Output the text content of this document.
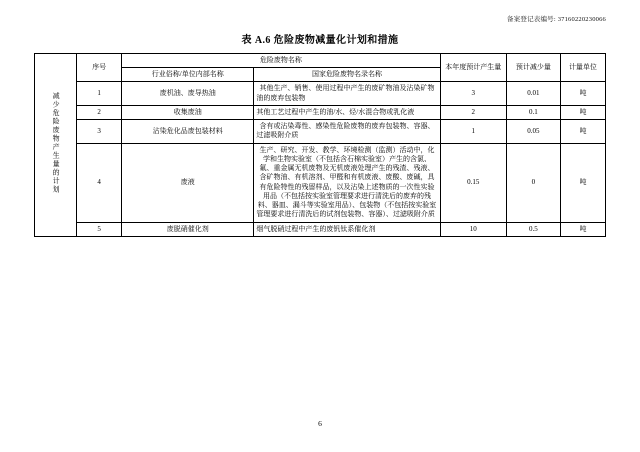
备案登记表编号: 37160220230066
表 A.6 危险废物减量化计划和措施
减少危险废物产生量的计划	序号	危险废物名称		本年度预计产生量	预计减少量	计量单位
		行业俗称/单位内部名称	国家危险废物名录名称			
	1	废机油、废导热油	其他生产、销售、使用过程中产生的废矿物油及沾染矿物油的废弃包装物	3	0.01	吨
	2	收集废油	其他工艺过程中产生的油/水、烃/水混合物或乳化液	2	0.1	吨
	3	沾染危化品废包装材料	含有或沾染毒性、感染性危险废物的废弃包装物、容器、过滤吸附介质	1	0.05	吨
	4	废液	生产、研究、开发、教学、环境检测（监测）活动中，化学和生物实验室（不包括含石棉实验室）产生的含氯、氟、重金属无机废物及无机废液处理产生的残渣、残液、含矿物油、有机溶剂、甲醛和有机废液、废酸、废碱，具有危险特性的残留样品，以及沾染上述物质的一次性实验用品（不包括按实验室管理要求进行清洗后的废弃的残料、器皿、漏斗等实验室用品）、包装物（不包括按实验室管理要求进行清洗后的试剂包装物、容器）、过滤吸附介质	0.15	0	吨
	5	废脱硝催化剂	烟气脱硝过程中产生的废钒钛系催化剂	10	0.5	吨
6
